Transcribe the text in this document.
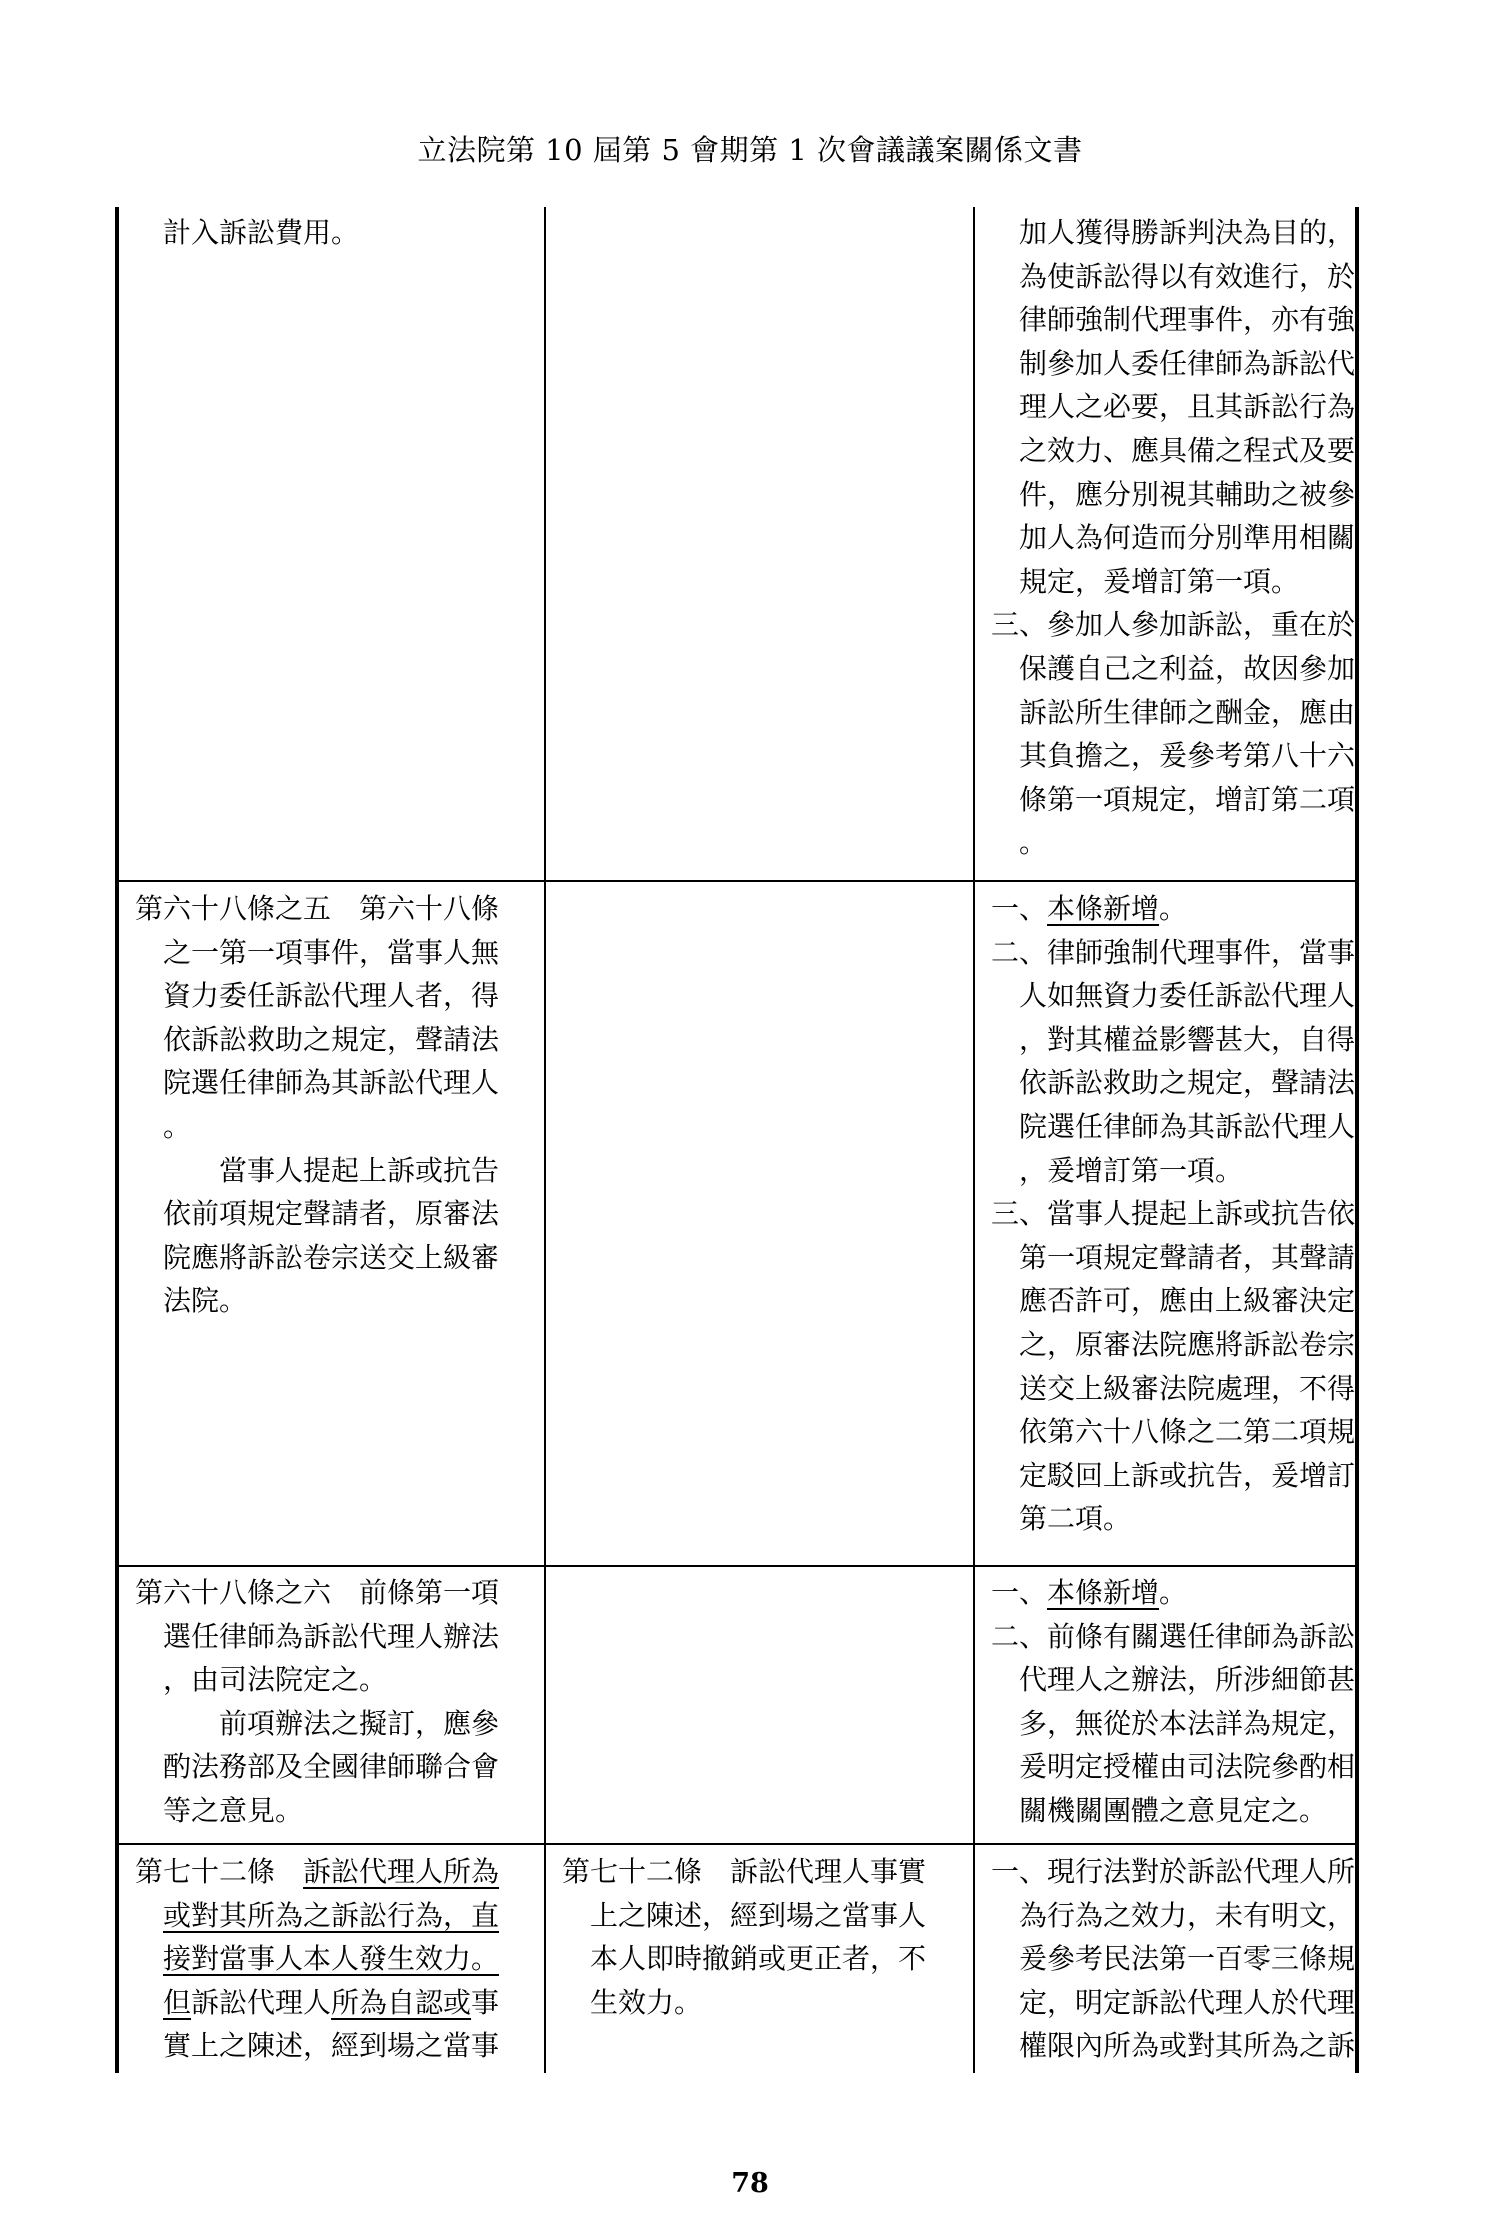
立法院第 10 屆第 5 會期第 1 次會議議案關係文書
計入訴訟費用。	加人獲得勝訴判決為目的，
為使訴訟得以有效進行，於
律師強制代理事件，亦有強
制參加人委任律師為訴訟代
理人之必要，且其訴訟行為
之效力、應具備之程式及要
件，應分別視其輔助之被參
加人為何造而分別準用相關
規定，爰增訂第一項。
三、參加人參加訴訟，重在於
保護自己之利益，故因參加
訴訟所生律師之酬金，應由
其負擔之，爰參考第八十六
條第一項規定，增訂第二項
。
第六十八條之五　第六十八條
之一第一項事件，當事人無
資力委任訴訟代理人者，得
依訴訟救助之規定，聲請法
院選任律師為其訴訟代理人
。
當事人提起上訴或抗告
依前項規定聲請者，原審法
院應將訴訟卷宗送交上級審
法院。
一、本條新增。
二、律師強制代理事件，當事
人如無資力委任訴訟代理人
，對其權益影響甚大，自得
依訴訟救助之規定，聲請法
院選任律師為其訴訟代理人
，爰增訂第一項。
三、當事人提起上訴或抗告依
第一項規定聲請者，其聲請
應否許可，應由上級審決定
之，原審法院應將訴訟卷宗
送交上級審法院處理，不得
依第六十八條之二第二項規
定駁回上訴或抗告，爰增訂
第二項。
第六十八條之六　前條第一項
選任律師為訴訟代理人辦法
，由司法院定之。
前項辦法之擬訂，應參
酌法務部及全國律師聯合會
等之意見。
一、本條新增。
二、前條有關選任律師為訴訟
代理人之辦法，所涉細節甚
多，無從於本法詳為規定，
爰明定授權由司法院參酌相
關機關團體之意見定之。
第七十二條　訴訟代理人所為
或對其所為之訴訟行為，直
接對當事人本人發生效力。
但訴訟代理人所為自認或事
實上之陳述，經到場之當事
第七十二條　訴訟代理人事實
上之陳述，經到場之當事人
本人即時撤銷或更正者，不
生效力。
一、現行法對於訴訟代理人所
為行為之效力，未有明文，
爰參考民法第一百零三條規
定，明定訴訟代理人於代理
權限內所為或對其所為之訴
78
